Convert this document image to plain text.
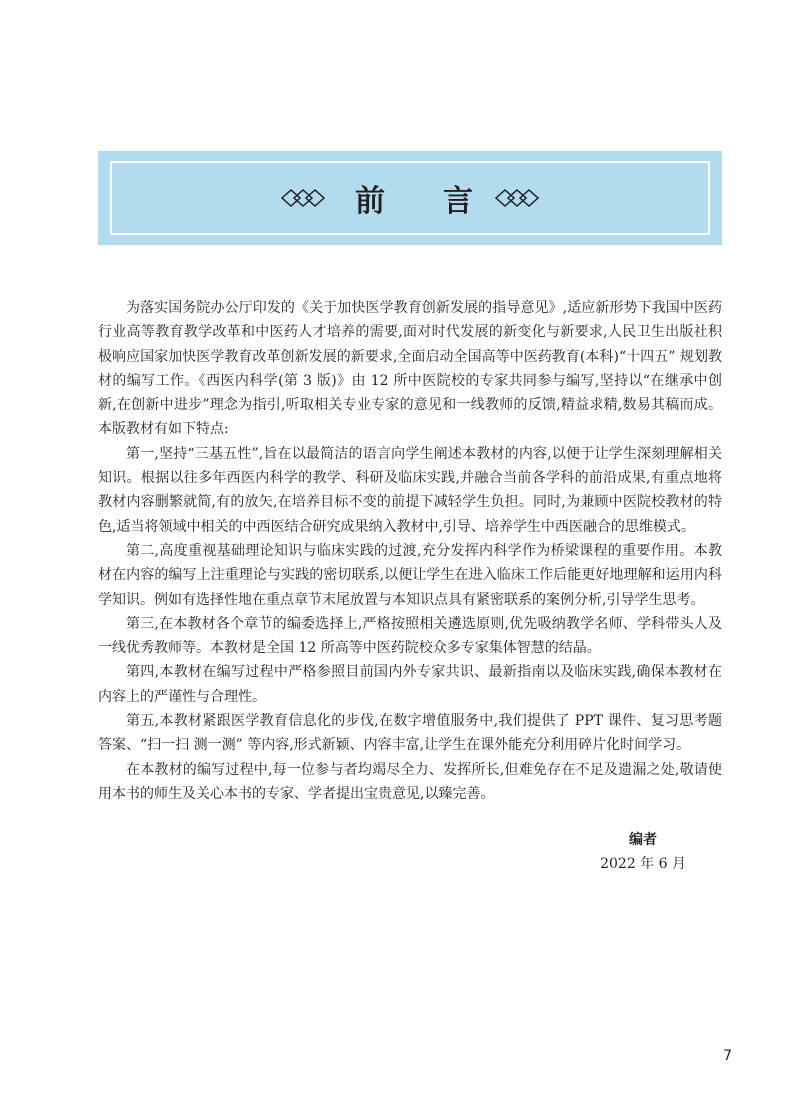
前言

为落实国务院办公厅印发的《关于加快医学教育创新发展的指导意见》,适应新形势下我国中医药行业高等教育教学改革和中医药人才培养的需要,面对时代发展的新变化与新要求,人民卫生出版社积极响应国家加快医学教育改革创新发展的新要求,全面启动全国高等中医药教育(本科)“十四五” 规划教材的编写工作。《西医内科学(第 3 版)》由 12 所中医院校的专家共同参与编写,坚持以“在继承中创新,在创新中进步”理念为指引,听取相关专业专家的意见和一线教师的反馈,精益求精,数易其稿而成。本版教材有如下特点:

第一,坚持“三基五性”,旨在以最简洁的语言向学生阐述本教材的内容,以便于让学生深刻理解相关知识。根据以往多年西医内科学的教学、科研及临床实践,并融合当前各学科的前沿成果,有重点地将教材内容删繁就简,有的放矢,在培养目标不变的前提下减轻学生负担。同时,为兼顾中医院校教材的特色,适当将领域中相关的中西医结合研究成果纳入教材中,引导、培养学生中西医融合的思维模式。

第二,高度重视基础理论知识与临床实践的过渡,充分发挥内科学作为桥梁课程的重要作用。本教材在内容的编写上注重理论与实践的密切联系,以便让学生在进入临床工作后能更好地理解和运用内科学知识。例如有选择性地在重点章节末尾放置与本知识点具有紧密联系的案例分析,引导学生思考。

第三,在本教材各个章节的编委选择上,严格按照相关遴选原则,优先吸纳教学名师、学科带头人及一线优秀教师等。本教材是全国 12 所高等中医药院校众多专家集体智慧的结晶。

第四,本教材在编写过程中严格参照目前国内外专家共识、最新指南以及临床实践,确保本教材在内容上的严谨性与合理性。

第五,本教材紧跟医学教育信息化的步伐,在数字增值服务中,我们提供了 PPT 课件、复习思考题答案、“扫一扫 测一测” 等内容,形式新颖、内容丰富,让学生在课外能充分利用碎片化时间学习。

在本教材的编写过程中,每一位参与者均竭尽全力、发挥所长,但难免存在不足及遗漏之处,敬请使用本书的师生及关心本书的专家、学者提出宝贵意见,以臻完善。

编者
2022 年 6 月
7
